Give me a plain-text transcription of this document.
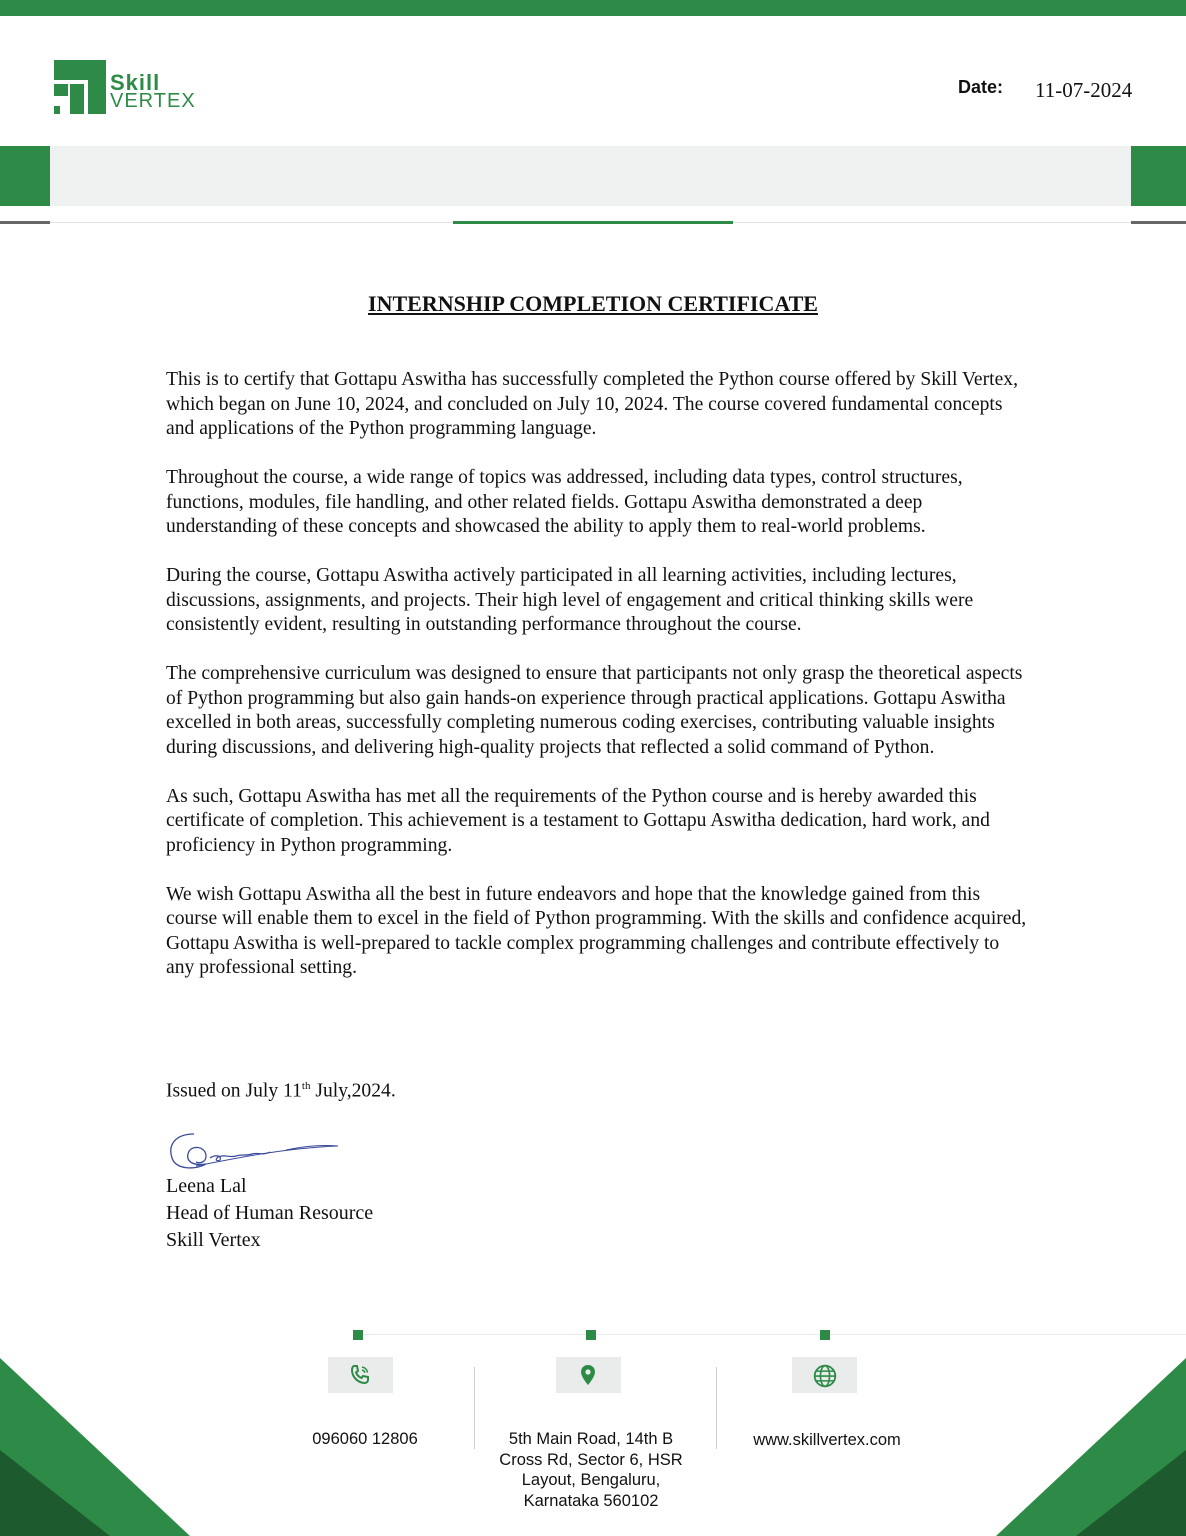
Skill
VERTEX
Date: 11-07-2024
INTERNSHIP COMPLETION CERTIFICATE

This is to certify that Gottapu Aswitha has successfully completed the Python course offered by Skill Vertex, which began on June 10, 2024, and concluded on July 10, 2024. The course covered fundamental concepts and applications of the Python programming language.

Throughout the course, a wide range of topics was addressed, including data types, control structures, functions, modules, file handling, and other related fields. Gottapu Aswitha demonstrated a deep understanding of these concepts and showcased the ability to apply them to real-world problems.

During the course, Gottapu Aswitha actively participated in all learning activities, including lectures, discussions, assignments, and projects. Their high level of engagement and critical thinking skills were consistently evident, resulting in outstanding performance throughout the course.

The comprehensive curriculum was designed to ensure that participants not only grasp the theoretical aspects of Python programming but also gain hands-on experience through practical applications. Gottapu Aswitha excelled in both areas, successfully completing numerous coding exercises, contributing valuable insights during discussions, and delivering high-quality projects that reflected a solid command of Python.

As such, Gottapu Aswitha has met all the requirements of the Python course and is hereby awarded this certificate of completion. This achievement is a testament to Gottapu Aswitha dedication, hard work, and proficiency in Python programming.

We wish Gottapu Aswitha all the best in future endeavors and hope that the knowledge gained from this course will enable them to excel in the field of Python programming. With the skills and confidence acquired, Gottapu Aswitha is well-prepared to tackle complex programming challenges and contribute effectively to any professional setting.

Issued on July 11th July,2024.
Leena Lal
Head of Human Resource
Skill Vertex
096060 12806	5th Main Road, 14th B
Cross Rd, Sector 6, HSR
Layout, Bengaluru,
Karnataka 560102
www.skillvertex.com
